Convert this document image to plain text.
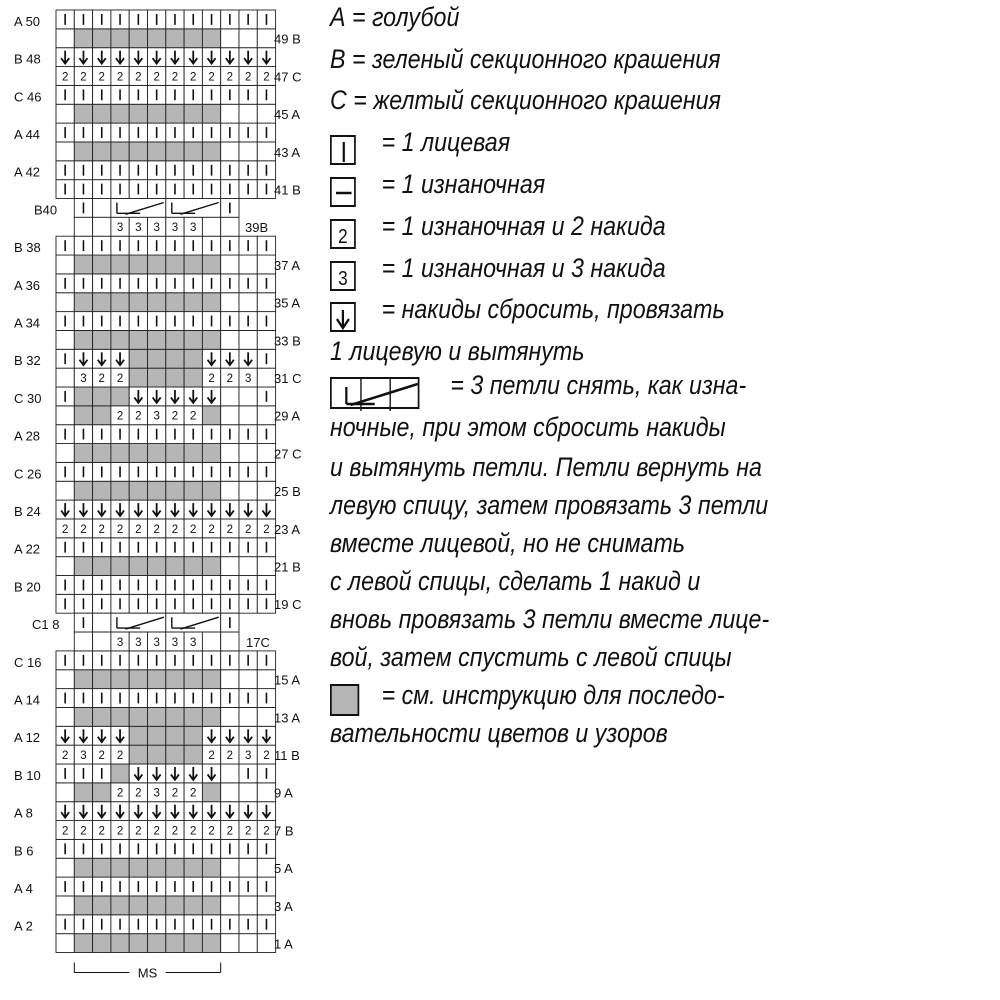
2 2 2 2 2 2 2 2 2 2 2 2
2 2 3 2 2
2 3 2 2	2 2 3 2
2 2 2 2 2 2 2 2 2 2 2 2
2 2 3 2 2
3 2 2	2 2 3
2 2 2 2 2 2 2 2 2 2 2 2
3 3 3 3 3
3 3 3 3 3
A 50
B 48
C 46
A 44
A 42
B 38
A 36
A 34
B 32
C 30
A 28
C 26
B 24
A 22
B 20
C 16
A 14
A 12
B 10
A 8
B 6
A 4
A 2
49 B
47 C
45 A
43 A
41 B
37 A
35 A
33 B
31 C
29 A
27 C
25 B
23 A
21 B
19 C
15 A
13 A
11 B
9 A
7 B
5 A
3 A
1 A
B40
39B
C1 8
17C
MS
А = голубой
В = зеленый секционного крашения
С = желтый секционного крашения
= 1 лицевая
= 1 изнаночная
2 = 1 изнаночная и 2 накида
3 = 1 изнаночная и 3 накида
= накиды сбросить, провязать
1 лицевую и вытянуть
= 3 петли снять, как изна-
ночные, при этом сбросить накиды
и вытянуть петли. Петли вернуть на
левую спицу, затем провязать 3 петли
вместе лицевой, но не снимать
с левой спицы, сделать 1 накид и
вновь провязать 3 петли вместе лице-
вой, затем спустить с левой спицы
= см. инструкцию для последо-
вательности цветов и узоров
